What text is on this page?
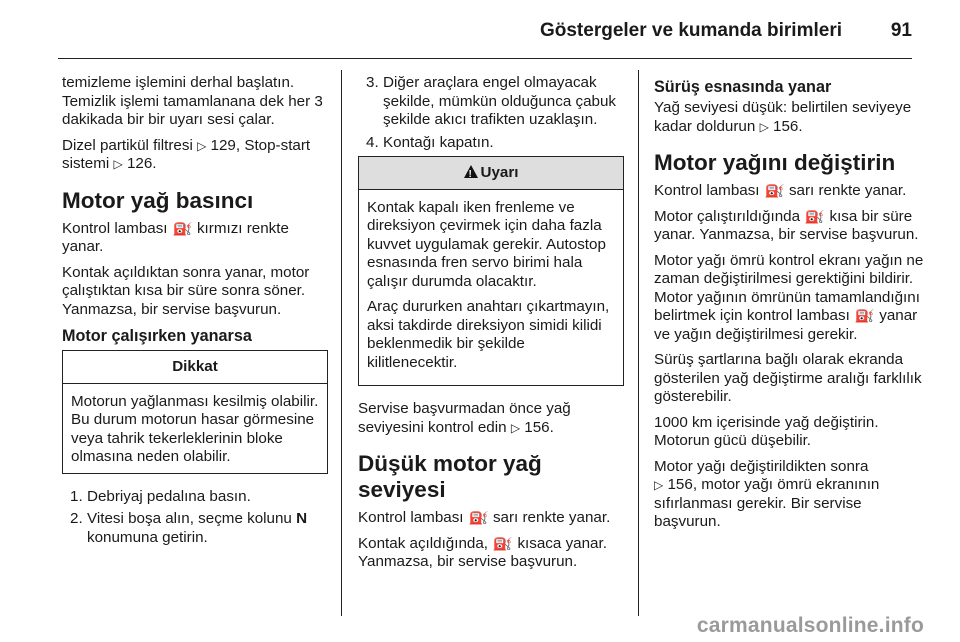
Göstergeler ve kumanda birimleri	91

temizleme işlemini derhal başlatın. Temizlik işlemi tamamlanana dek her 3 dakikada bir bir uyarı sesi çalar.

Dizel partikül filtresi ▷ 129, Stop-start sistemi ▷ 126.

Motor yağ basıncı

Kontrol lambası ⛽ kırmızı renkte yanar.

Kontak açıldıktan sonra yanar, motor çalıştıktan kısa bir süre sonra söner. Yanmazsa, bir servise başvurun.

Motor çalışırken yanarsa
Dikkat
Motorun yağlanması kesilmiş olabilir. Bu durum motorun hasar görmesine veya tahrik tekerleklerinin bloke olmasına neden olabilir.
1. Debriyaj pedalına basın.
2. Vitesi boşa alın, seçme kolunu N konumuna getirin.
3. Diğer araçlara engel olmayacak şekilde, mümkün olduğunca çabuk şekilde akıcı trafikten uzaklaşın.
4. Kontağı kapatın.
!Uyarı

Kontak kapalı iken frenleme ve direksiyon çevirmek için daha fazla kuvvet uygulamak gerekir. Autostop esnasında fren servo birimi hala çalışır durumda olacaktır.

Araç dururken anahtarı çıkartmayın, aksi takdirde direksiyon simidi kilidi beklenmedik bir şekilde kilitlenecektir.

Servise başvurmadan önce yağ seviyesini kontrol edin ▷ 156.

Düşük motor yağ seviyesi

Kontrol lambası ⛽ sarı renkte yanar.

Kontak açıldığında, ⛽ kısaca yanar. Yanmazsa, bir servise başvurun.

Sürüş esnasında yanar

Yağ seviyesi düşük: belirtilen seviyeye kadar doldurun ▷ 156.

Motor yağını değiştirin

Kontrol lambası ⛽ sarı renkte yanar.

Motor çalıştırıldığında ⛽ kısa bir süre yanar. Yanmazsa, bir servise başvurun.

Motor yağı ömrü kontrol ekranı yağın ne zaman değiştirilmesi gerektiğini bildirir. Motor yağının ömrünün tamamlandığını belirtmek için kontrol lambası ⛽ yanar ve yağın değiştirilmesi gerekir.

Sürüş şartlarına bağlı olarak ekranda gösterilen yağ değiştirme aralığı farklılık gösterebilir.

1000 km içerisinde yağ değiştirin. Motorun gücü düşebilir.

Motor yağı değiştirildikten sonra
▷ 156, motor yağı ömrü ekranının sıfırlanması gerekir. Bir servise başvurun.

carmanualsonline.info
